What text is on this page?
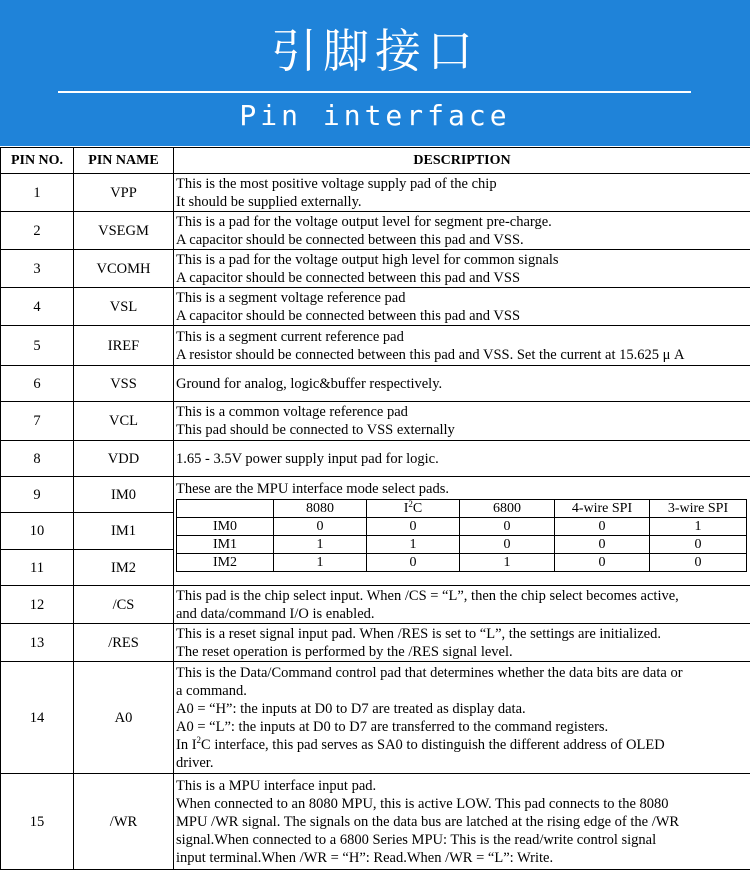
引脚接口
Pin interface
PIN NO.	PIN NAME	DESCRIPTION
1	VPP	
This is the most positive voltage supply pad of the chip
It should be supplied externally.

2	VSEGM	
This is a pad for the voltage output level for segment pre-charge.
A capacitor should be connected between this pad and VSS.

3	VCOMH	
This is a pad for the voltage output high level for common signals
A capacitor should be connected between this pad and VSS

4	VSL	
This is a segment voltage reference pad
A capacitor should be connected between this pad and VSS

5	IREF	
This is a segment current reference pad
A resistor should be connected between this pad and VSS. Set the current at 15.625 μ A

6	VSS	Ground for analog, logic&buffer respectively.

7	VCL	
This is a common voltage reference pad
This pad should be connected to VSS externally

8	VDD	1.65 - 3.5V power supply input pad for logic.

9	IM0	These are the MPU interface mode select pads.
	8080	$I^2C$	6800	4-wire SPI	3-wire SPI
IM0	0	0	0	0	1
IM1	1	1	0	0	0
IM2	1	0	1	0	0

10	IM1
11	IM2
12	/CS	
This pad is the chip select input. When /CS = “L”, then the chip select becomes active,
and data/command I/O is enabled.

13	/RES	
This is a reset signal input pad. When /RES is set to “L”, the settings are initialized.
The reset operation is performed by the /RES signal level.

14	A0	
This is the Data/Command control pad that determines whether the data bits are data or
a command.
A0 = “H”: the inputs at D0 to D7 are treated as display data.
A0 = “L”: the inputs at D0 to D7 are transferred to the command registers.
In $I^2C$ interface, this pad serves as SA0 to distinguish the different address of OLED
driver.

15	/WR	
This is a MPU interface input pad.
When connected to an 8080 MPU, this is active LOW. This pad connects to the 8080
MPU /WR signal. The signals on the data bus are latched at the rising edge of the /WR
signal.When connected to a 6800 Series MPU: This is the read/write control signal
input terminal.When /WR = “H”: Read.When /WR = “L”: Write.
